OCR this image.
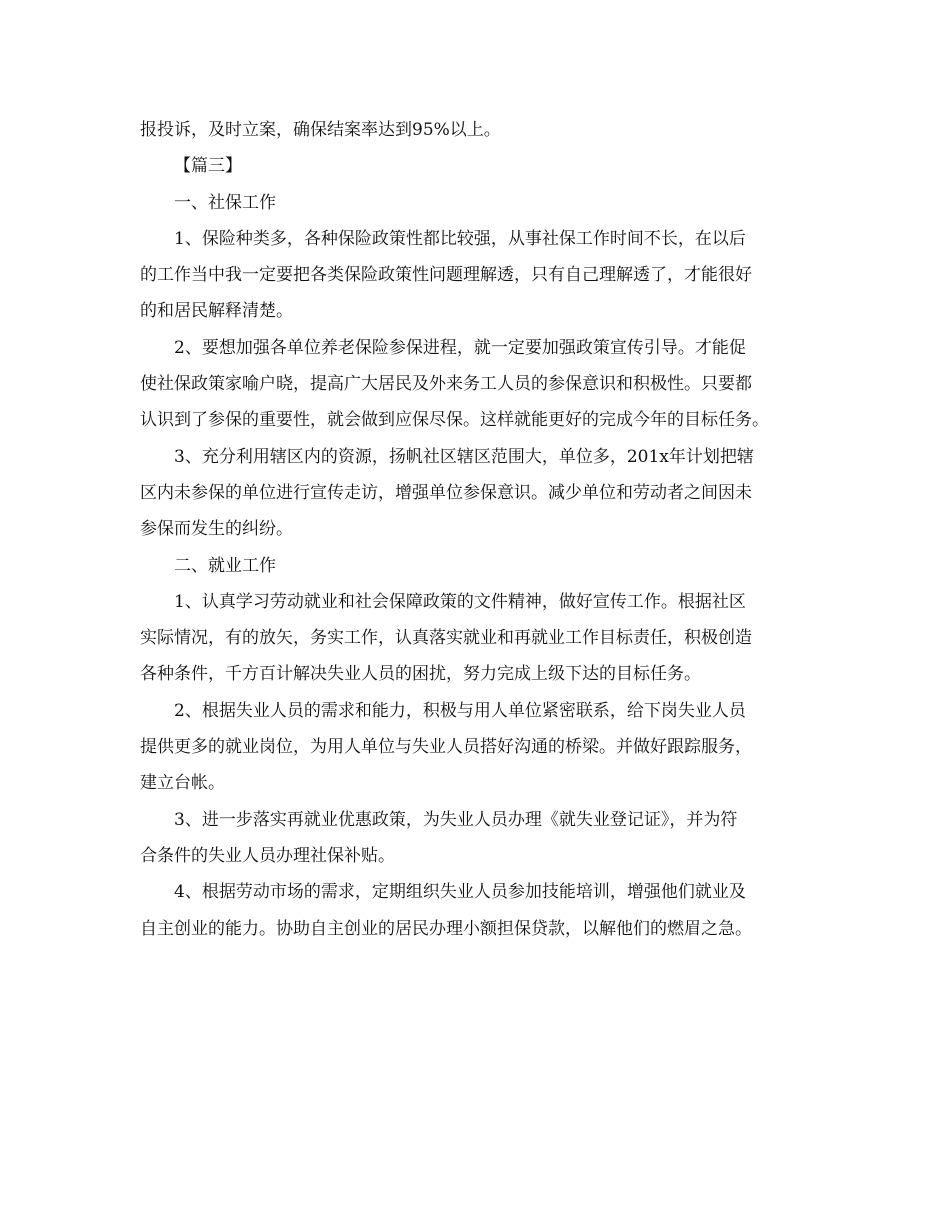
报投诉，及时立案，确保结案率达到95%以上。
【篇三】
一、社保工作
1、保险种类多，各种保险政策性都比较强，从事社保工作时间不长，在以后
的工作当中我一定要把各类保险政策性问题理解透，只有自己理解透了，才能很好
的和居民解释清楚。
2、要想加强各单位养老保险参保进程，就一定要加强政策宣传引导。才能促
使社保政策家喻户晓，提高广大居民及外来务工人员的参保意识和积极性。只要都
认识到了参保的重要性，就会做到应保尽保。这样就能更好的完成今年的目标任务。
3、充分利用辖区内的资源，扬帆社区辖区范围大，单位多，201x年计划把辖
区内未参保的单位进行宣传走访，增强单位参保意识。减少单位和劳动者之间因未
参保而发生的纠纷。
二、就业工作
1、认真学习劳动就业和社会保障政策的文件精神，做好宣传工作。根据社区
实际情况，有的放矢，务实工作，认真落实就业和再就业工作目标责任，积极创造
各种条件，千方百计解决失业人员的困扰，努力完成上级下达的目标任务。
2、根据失业人员的需求和能力，积极与用人单位紧密联系，给下岗失业人员
提供更多的就业岗位，为用人单位与失业人员搭好沟通的桥梁。并做好跟踪服务，
建立台帐。
3、进一步落实再就业优惠政策，为失业人员办理《就失业登记证》，并为符
合条件的失业人员办理社保补贴。
4、根据劳动市场的需求，定期组织失业人员参加技能培训，增强他们就业及
自主创业的能力。协助自主创业的居民办理小额担保贷款，以解他们的燃眉之急。
